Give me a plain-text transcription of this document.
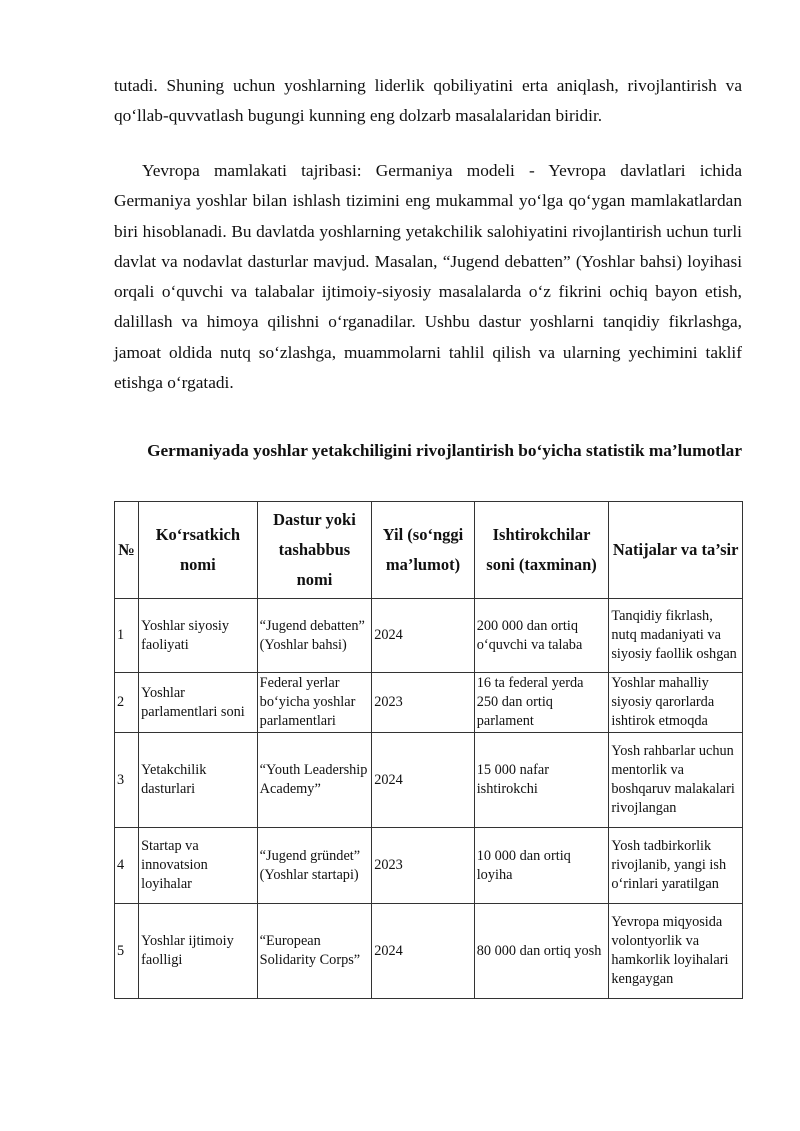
tutadi. Shuning uchun yoshlarning liderlik qobiliyatini erta aniqlash, rivojlantirish va qo‘llab-quvvatlash bugungi kunning eng dolzarb masalalaridan biridir.

Yevropa mamlakati tajribasi: Germaniya modeli - Yevropa davlatlari ichida Germaniya yoshlar bilan ishlash tizimini eng mukammal yo‘lga qo‘ygan mamlakatlardan biri hisoblanadi. Bu davlatda yoshlarning yetakchilik salohiyatini rivojlantirish uchun turli davlat va nodavlat dasturlar mavjud. Masalan, “Jugend debatten” (Yoshlar bahsi) loyihasi orqali o‘quvchi va talabalar ijtimoiy-siyosiy masalalarda o‘z fikrini ochiq bayon etish, dalillash va himoya qilishni o‘rganadilar. Ushbu dastur yoshlarni tanqidiy fikrlashga, jamoat oldida nutq so‘zlashga, muammolarni tahlil qilish va ularning yechimini taklif etishga o‘rgatadi.

Germaniyada yoshlar yetakchiligini rivojlantirish bo‘yicha statistik ma’lumotlar

№	Ko‘rsatkich nomi	Dastur yoki tashabbus nomi	Yil (so‘nggi ma’lumot)	Ishtirokchilar soni (taxminan)	Natijalar va ta’sir
1	Yoshlar siyosiy faoliyati	“Jugend debatten” (Yoshlar bahsi)	2024	200 000 dan ortiq o‘quvchi va talaba	Tanqidiy fikrlash, nutq madaniyati va siyosiy faollik oshgan
2	Yoshlar parlamentlari soni	Federal yerlar bo‘yicha yoshlar parlamentlari	2023	16 ta federal yerda 250 dan ortiq parlament	Yoshlar mahalliy siyosiy qarorlarda ishtirok etmoqda
3	Yetakchilik dasturlari	“Youth Leadership Academy”	2024	15 000 nafar ishtirokchi	Yosh rahbarlar uchun mentorlik va boshqaruv malakalari rivojlangan
4	Startap va innovatsion loyihalar	“Jugend gründet” (Yoshlar startapi)	2023	10 000 dan ortiq loyiha	Yosh tadbirkorlik rivojlanib, yangi ish o‘rinlari yaratilgan
5	Yoshlar ijtimoiy faolligi	“European Solidarity Corps”	2024	80 000 dan ortiq yosh	Yevropa miqyosida volontyorlik va hamkorlik loyihalari kengaygan
